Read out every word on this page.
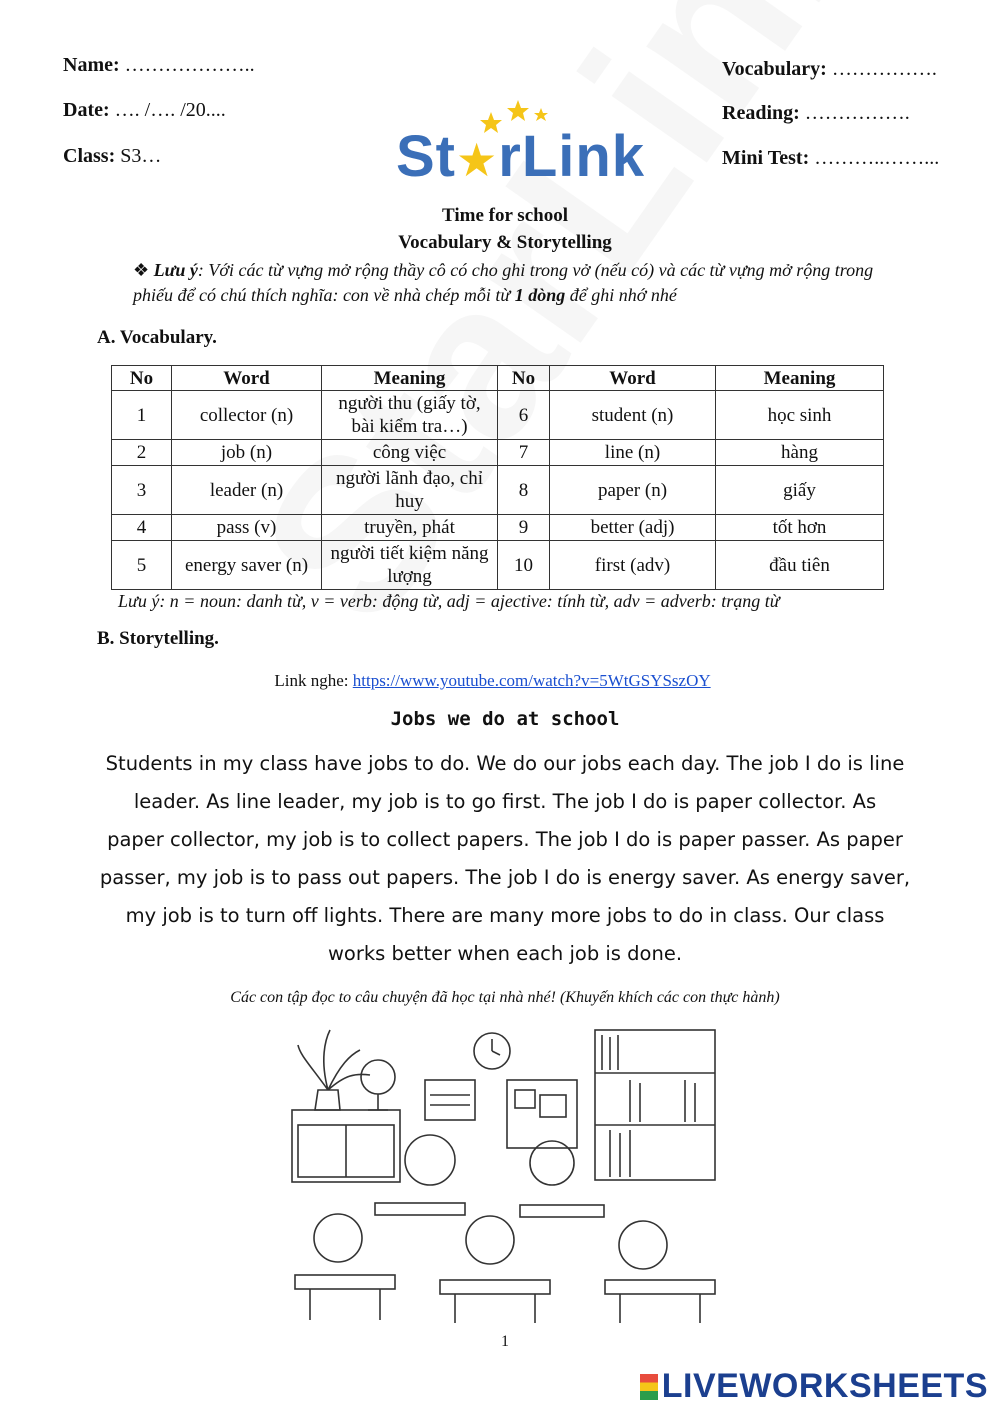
Name: ………………..
Date: …. /…. /20....
Class: S3…
Vocabulary: …………….
Reading: …………….
Mini Test: ………..……...
St★rLink
Time for school
Vocabulary & Storytelling
❖ Lưu ý: Với các từ vựng mở rộng thầy cô có cho ghi trong vở (nếu có) và các từ vựng mở rộng trong phiếu để có chú thích nghĩa: con về nhà chép mỗi từ 1 dòng để ghi nhớ nhé
A. Vocabulary.
No	Word	Meaning	No	Word	Meaning
1	collector (n)	người thu (giấy tờ, bài kiểm tra…)	6	student (n)	học sinh
2	job (n)	công việc	7	line (n)	hàng
3	leader (n)	người lãnh đạo, chỉ huy	8	paper (n)	giấy
4	pass (v)	truyền, phát	9	better (adj)	tốt hơn
5	energy saver (n)	người tiết kiệm năng lượng	10	first (adv)	đầu tiên
Lưu ý: n = noun: danh từ, v = verb: động từ, adj = ajective: tính từ, adv = adverb: trạng từ
B. Storytelling.
Link nghe: https://www.youtube.com/watch?v=5WtGSYSszOY
Jobs we do at school
Students in my class have jobs to do. We do our jobs each day. The job I do is line
leader. As line leader, my job is to go first. The job I do is paper collector. As
paper collector, my job is to collect papers. The job I do is paper passer. As paper
passer, my job is to pass out papers. The job I do is energy saver. As energy saver,
my job is to turn off lights. There are many more jobs to do in class. Our class
works better when each job is done.
Các con tập đọc to câu chuyện đã học tại nhà nhé! (Khuyến khích các con thực hành)
1
LIVEWORKSHEETS
